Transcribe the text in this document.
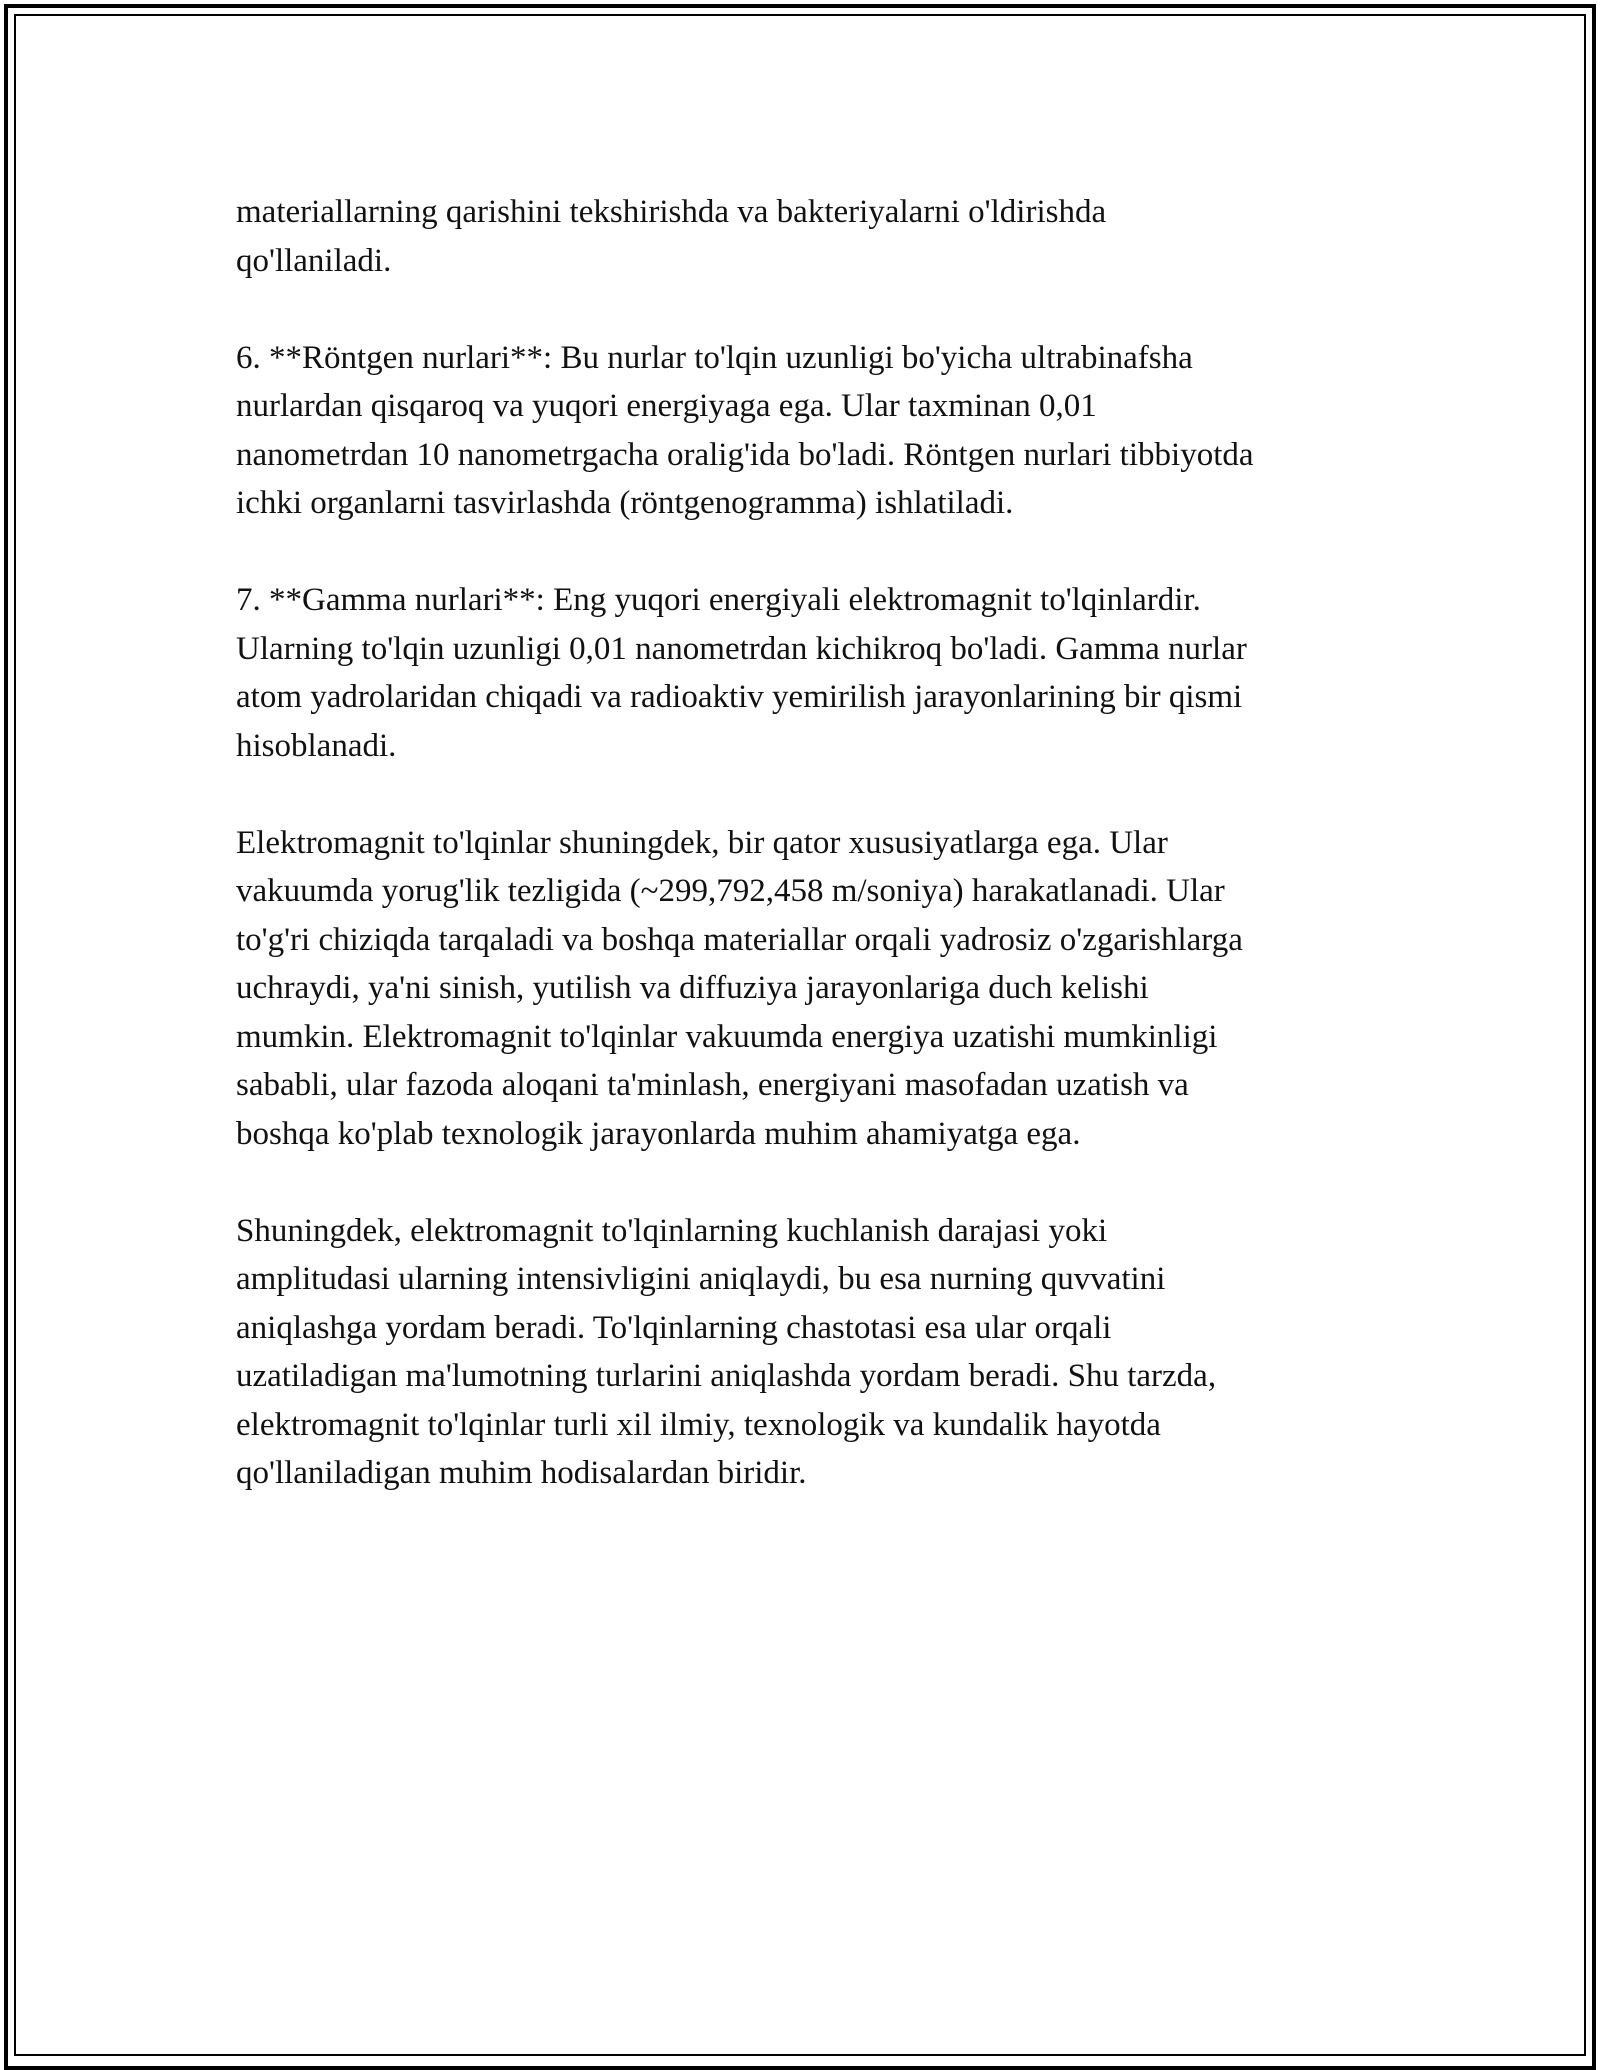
materiallarning qarishini tekshirishda va bakteriyalarni o'ldirishda
qo'llaniladi.

6. **Röntgen nurlari**: Bu nurlar to'lqin uzunligi bo'yicha ultrabinafsha
nurlardan qisqaroq va yuqori energiyaga ega. Ular taxminan 0,01
nanometrdan 10 nanometrgacha oralig'ida bo'ladi. Röntgen nurlari tibbiyotda
ichki organlarni tasvirlashda (röntgenogramma) ishlatiladi.

7. **Gamma nurlari**: Eng yuqori energiyali elektromagnit to'lqinlardir.
Ularning to'lqin uzunligi 0,01 nanometrdan kichikroq bo'ladi. Gamma nurlar
atom yadrolaridan chiqadi va radioaktiv yemirilish jarayonlarining bir qismi
hisoblanadi.

Elektromagnit to'lqinlar shuningdek, bir qator xususiyatlarga ega. Ular
vakuumda yorug'lik tezligida (~299,792,458 m/soniya) harakatlanadi. Ular
to'g'ri chiziqda tarqaladi va boshqa materiallar orqali yadrosiz o'zgarishlarga
uchraydi, ya'ni sinish, yutilish va diffuziya jarayonlariga duch kelishi
mumkin. Elektromagnit to'lqinlar vakuumda energiya uzatishi mumkinligi
sababli, ular fazoda aloqani ta'minlash, energiyani masofadan uzatish va
boshqa ko'plab texnologik jarayonlarda muhim ahamiyatga ega.

Shuningdek, elektromagnit to'lqinlarning kuchlanish darajasi yoki
amplitudasi ularning intensivligini aniqlaydi, bu esa nurning quvvatini
aniqlashga yordam beradi. To'lqinlarning chastotasi esa ular orqali
uzatiladigan ma'lumotning turlarini aniqlashda yordam beradi. Shu tarzda,
elektromagnit to'lqinlar turli xil ilmiy, texnologik va kundalik hayotda
qo'llaniladigan muhim hodisalardan biridir.
